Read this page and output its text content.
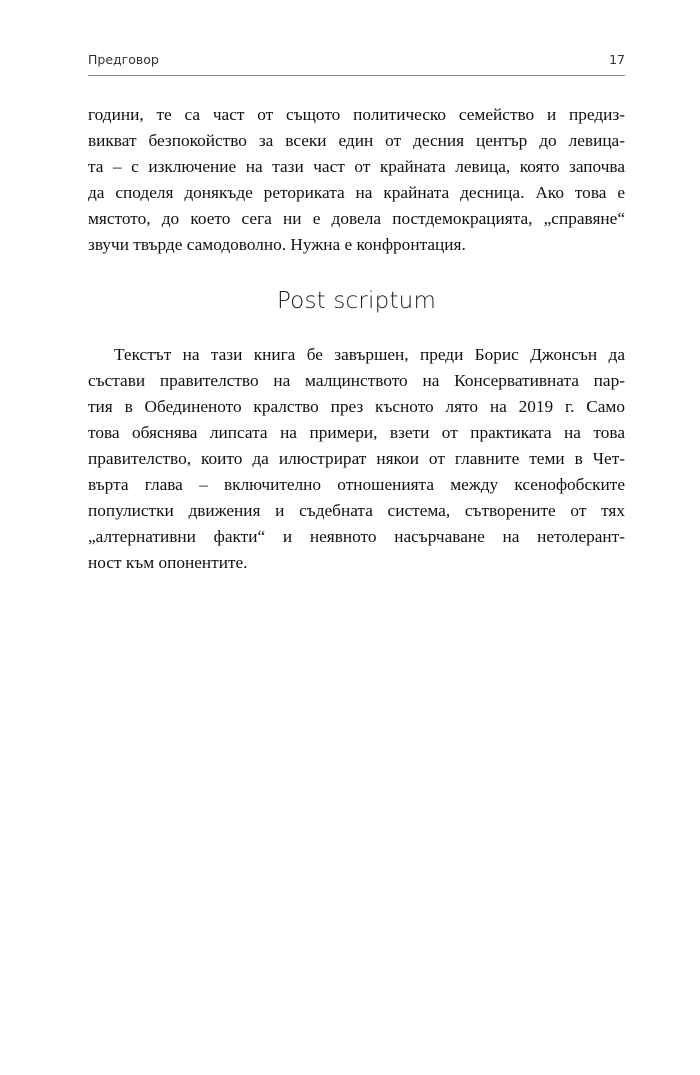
Предговор	17
години, те са част от същото политическо семейство и предиз-
викват безпокойство за всеки един от десния център до левица-
та – с изключение на тази част от крайната левица, която започва
да споделя донякъде реториката на крайната десница. Ако това е
мястото, до което сега ни е довела постдемокрацията, „справяне“
звучи твърде самодоволно. Нужна е конфронтация.
Post scriptum
Текстът на тази книга бе завършен, преди Борис Джонсън да
състави правителство на малцинството на Консервативната пар-
тия в Обединеното кралство през късното лято на 2019 г. Само
това обяснява липсата на примери, взети от практиката на това
правителство, които да илюстрират някои от главните теми в Чет-
върта глава – включително отношенията между ксенофобските
популистки движения и съдебната система, сътворените от тях
„алтернативни факти“ и неявното насърчаване на нетолерант-
ност към опонентите.
